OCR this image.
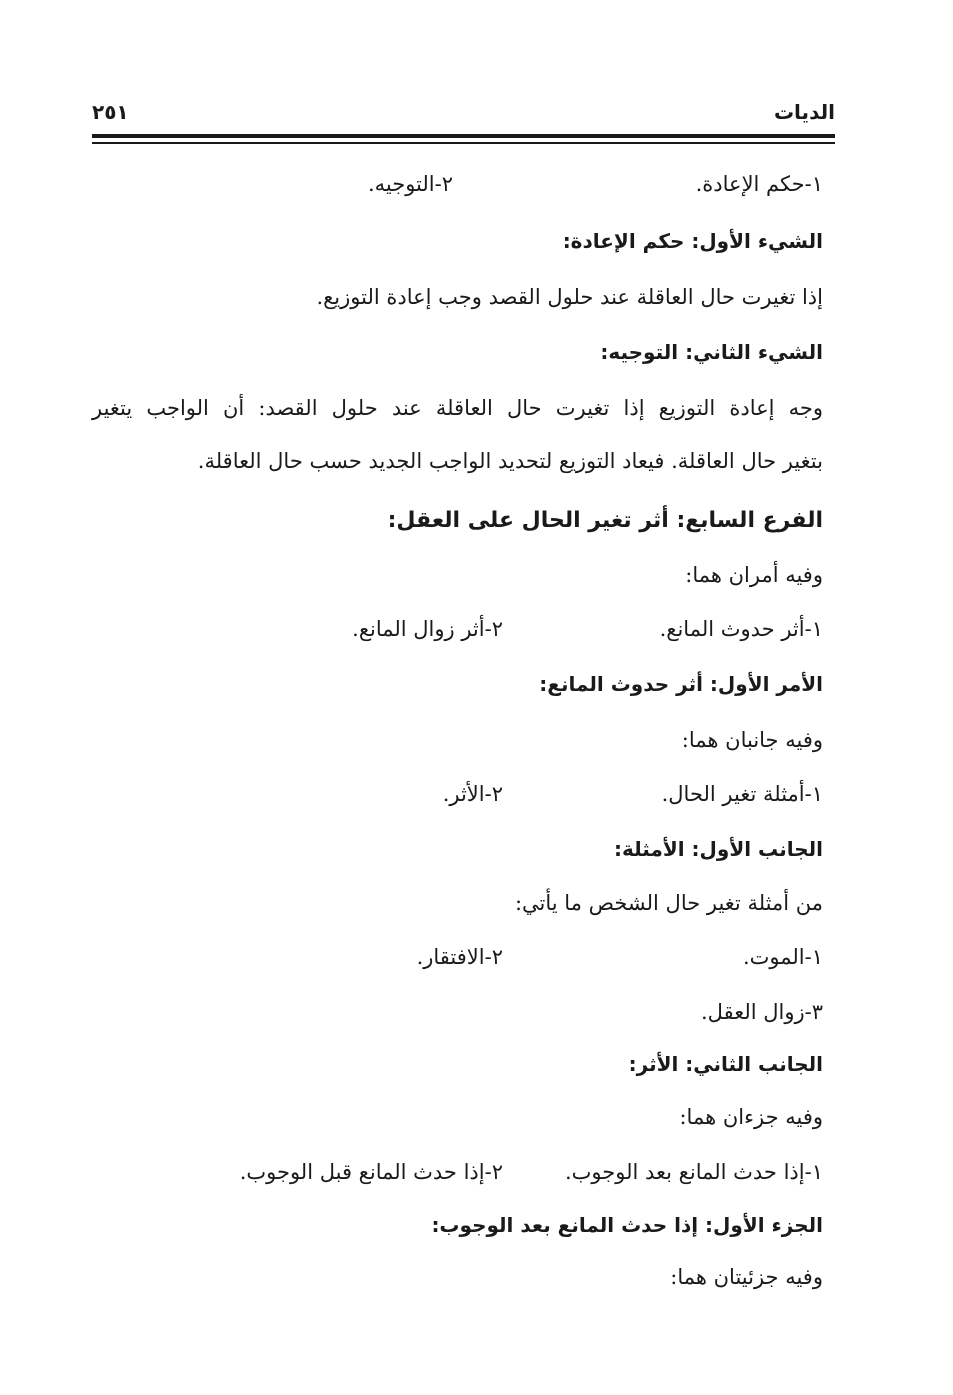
الديات
٢٥١
١-حكم الإعادة.
٢-التوجيه.
الشيء الأول: حكم الإعادة:
إذا تغيرت حال العاقلة عند حلول القصد وجب إعادة التوزيع.
الشيء الثاني: التوجيه:
وجه إعادة التوزيع إذا تغيرت حال العاقلة عند حلول القصد: أن الواجب يتغير
بتغير حال العاقلة. فيعاد التوزيع لتحديد الواجب الجديد حسب حال العاقلة.
الفرع السابع: أثر تغير الحال على العقل:
وفيه أمران هما:
١-أثر حدوث المانع.
٢-أثر زوال المانع.
الأمر الأول: أثر حدوث المانع:
وفيه جانبان هما:
١-أمثلة تغير الحال.
٢-الأثر.
الجانب الأول: الأمثلة:
من أمثلة تغير حال الشخص ما يأتي:
١-الموت.
٢-الافتقار.
٣-زوال العقل.
الجانب الثاني: الأثر:
وفيه جزءان هما:
١-إذا حدث المانع بعد الوجوب.
٢-إذا حدث المانع قبل الوجوب.
الجزء الأول: إذا حدث المانع بعد الوجوب:
وفيه جزئيتان هما:
